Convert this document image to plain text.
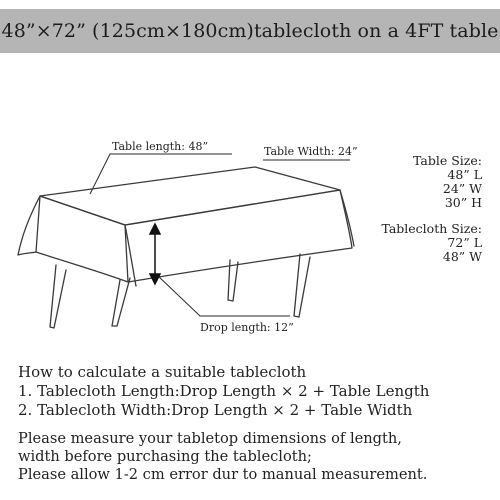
48”×72” (125cm×180cm)tablecloth on a 4FT table
Table length: 48”	Table Width: 24”
Drop length: 12”
Table Size:
48” L
24” W
30” H
Tablecloth Size:
72” L
48” W
How to calculate a suitable tablecloth
1. Tablecloth Length:Drop Length × 2 + Table Length
2. Tablecloth Width:Drop Length × 2 + Table Width
Please measure your tabletop dimensions of length,
width before purchasing the tablecloth;
Please allow 1-2 cm error dur to manual measurement.
